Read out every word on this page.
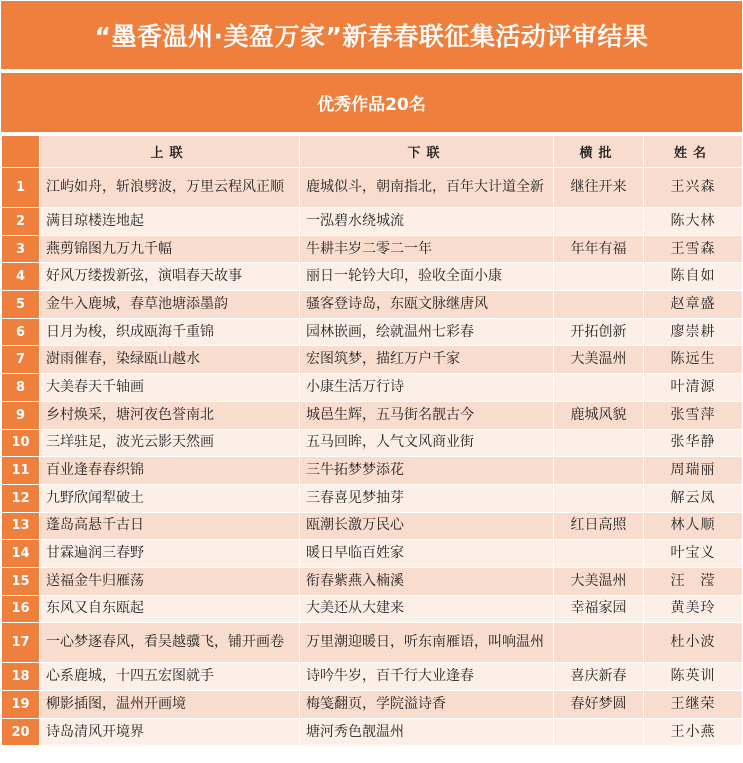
“墨香温州·美盈万家”新春春联征集活动评审结果
优秀作品20名
	上联	下联	横批	姓名
1	江屿如舟，斩浪劈波，万里云程风正顺	鹿城似斗，朝南指北，百年大计道全新	继往开来	王兴森
2	满目琼楼连地起	一泓碧水绕城流		陈大林
3	燕剪锦图九万九千幅	牛耕丰岁二零二一年	年年有福	王雪森
4	好风万缕拨新弦，演唱春天故事	丽日一轮钤大印，验收全面小康		陈自如
5	金牛入鹿城，春草池塘添墨韵	骚客登诗岛，东瓯文脉继唐风		赵章盛
6	日月为梭，织成瓯海千重锦	园林嵌画，绘就温州七彩春	开拓创新	廖崇耕
7	澍雨催春，染绿瓯山越水	宏图筑梦，描红万户千家	大美温州	陈远生
8	大美春天千轴画	小康生活万行诗		叶清源
9	乡村焕采，塘河夜色誉南北	城邑生辉，五马街名靓古今	鹿城风貌	张雪萍
10	三垟驻足，波光云影天然画	五马回眸，人气文风商业街		张华静
11	百业逢春春织锦	三牛拓梦梦添花		周瑞丽
12	九野欣闻犁破土	三春喜见梦抽芽		解云凤
13	蓬岛高悬千古日	瓯潮长激万民心	红日高照	林人顺
14	甘霖遍润三春野	暖日早临百姓家		叶宝义
15	送福金牛归雁荡	衔春紫燕入楠溪	大美温州	汪　滢
16	东风又自东瓯起	大美还从大建来	幸福家园	黄美玲
17	一心梦逐春风，看吴越骥飞，铺开画卷	万里潮迎暖日，听东南雁语，叫响温州		杜小波
18	心系鹿城，十四五宏图就手	诗吟牛岁，百千行大业逢春	喜庆新春	陈英训
19	柳影插图，温州开画境	梅笺翻页，学院溢诗香	春好梦圆	王继荣
20	诗岛清风开境界	塘河秀色靓温州		王小燕
